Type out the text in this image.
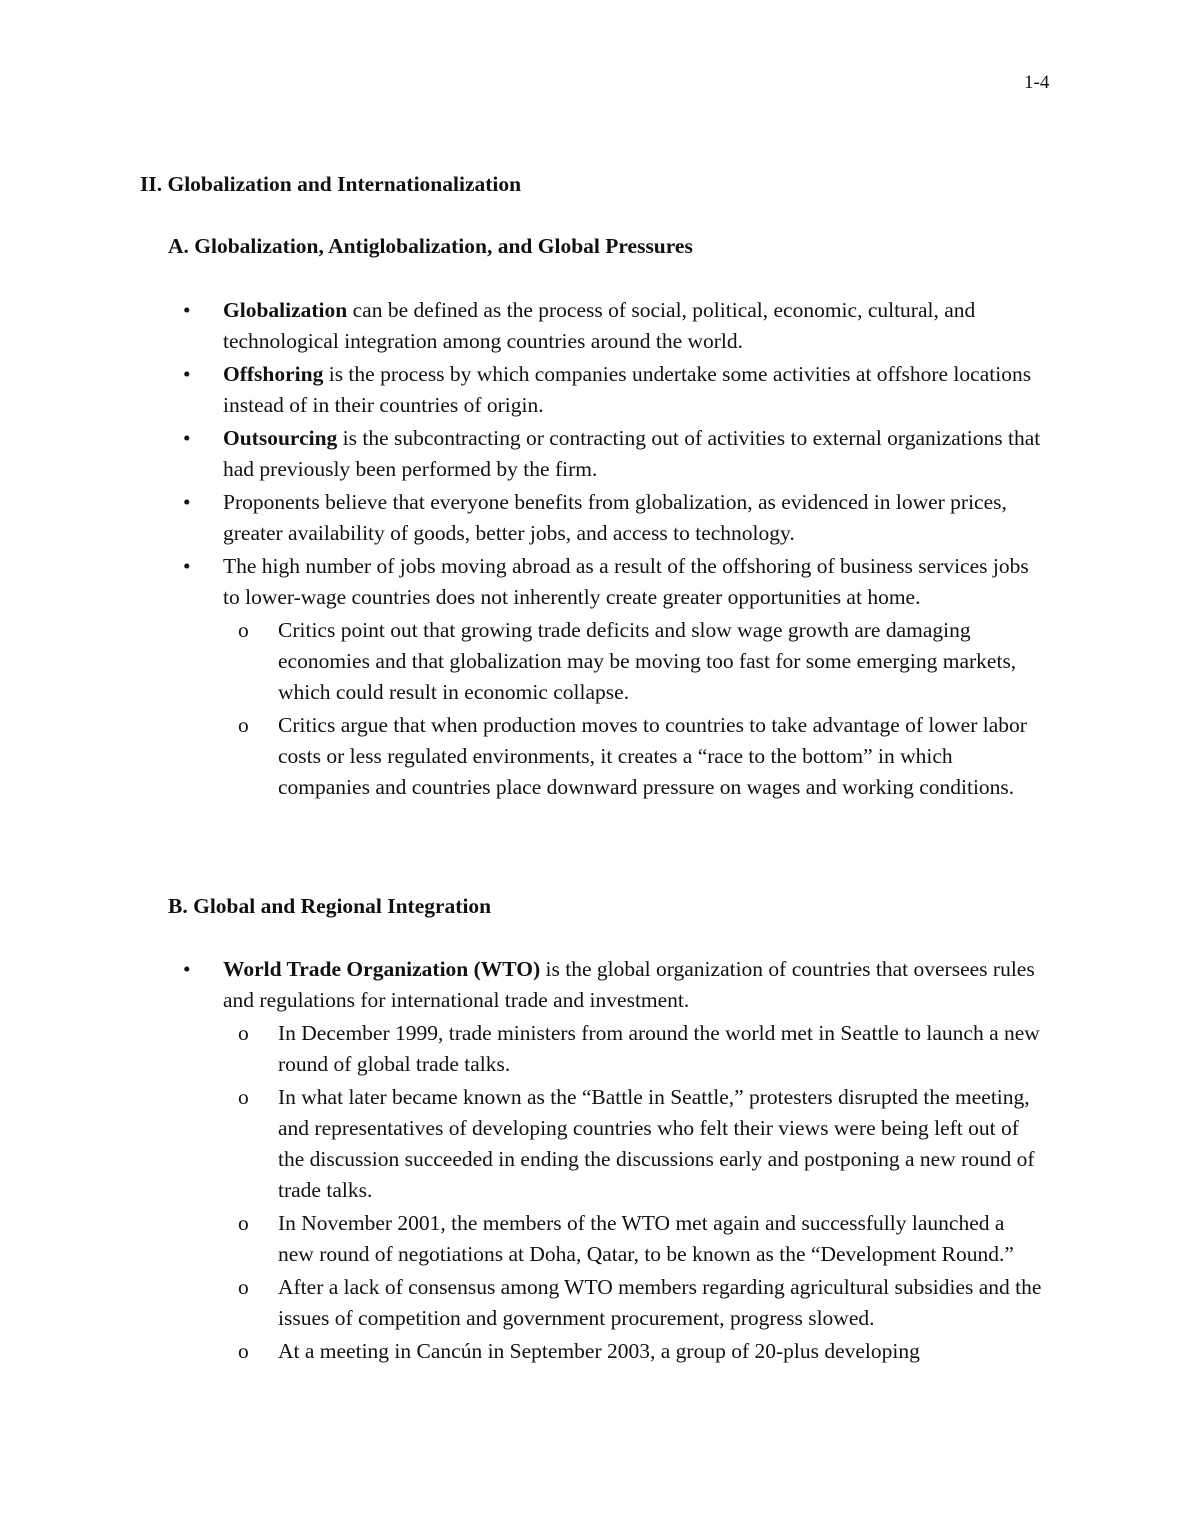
1-4
II. Globalization and Internationalization
A. Globalization, Antiglobalization, and Global Pressures
•	Globalization can be defined as the process of social, political, economic, cultural, and technological integration among countries around the world.
•	Offshoring is the process by which companies undertake some activities at offshore locations instead of in their countries of origin.
•	Outsourcing is the subcontracting or contracting out of activities to external organizations that had previously been performed by the firm.
•	Proponents believe that everyone benefits from globalization, as evidenced in lower prices, greater availability of goods, better jobs, and access to technology.
•	The high number of jobs moving abroad as a result of the offshoring of business services jobs to lower-wage countries does not inherently create greater opportunities at home.
o Critics point out that growing trade deficits and slow wage growth are damaging economies and that globalization may be moving too fast for some emerging markets, which could result in economic collapse.
o Critics argue that when production moves to countries to take advantage of lower labor costs or less regulated environments, it creates a “race to the bottom” in which companies and countries place downward pressure on wages and working conditions.
B. Global and Regional Integration
•	World Trade Organization (WTO) is the global organization of countries that oversees rules and regulations for international trade and investment.
o In December 1999, trade ministers from around the world met in Seattle to launch a new round of global trade talks.
o In what later became known as the “Battle in Seattle,” protesters disrupted the meeting, and representatives of developing countries who felt their views were being left out of the discussion succeeded in ending the discussions early and postponing a new round of trade talks.
o In November 2001, the members of the WTO met again and successfully launched a new round of negotiations at Doha, Qatar, to be known as the “Development Round.”
o After a lack of consensus among WTO members regarding agricultural subsidies and the issues of competition and government procurement, progress slowed.
o At a meeting in Cancún in September 2003, a group of 20-plus developing
